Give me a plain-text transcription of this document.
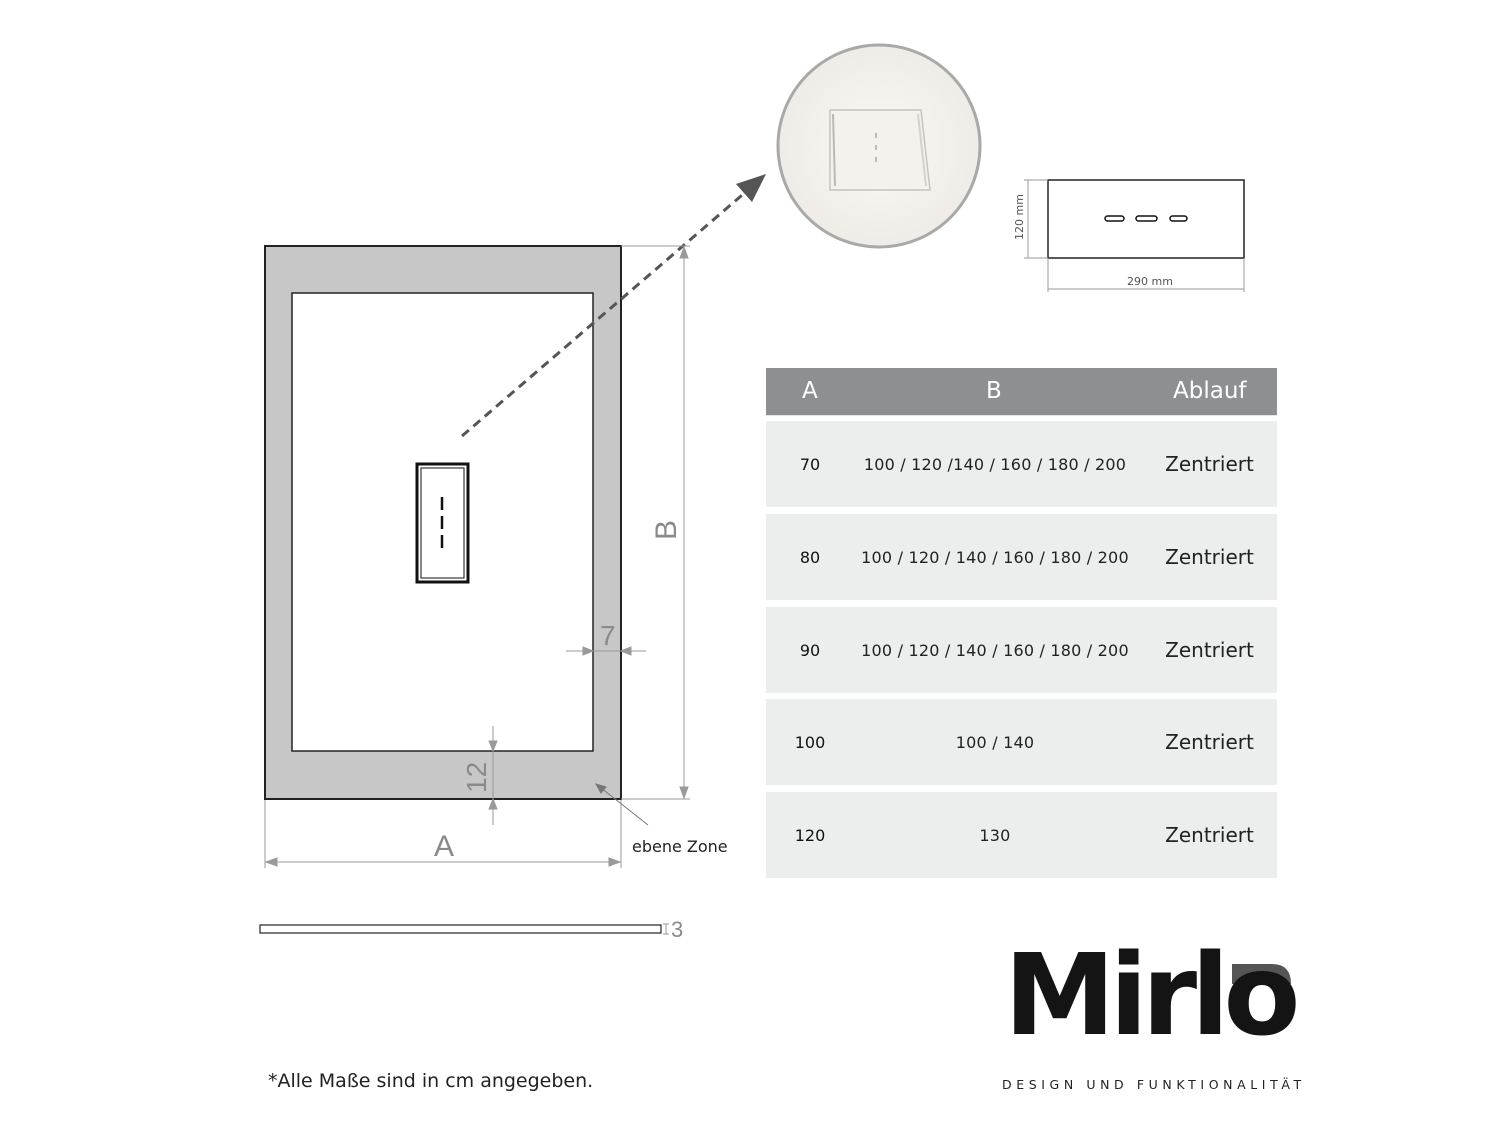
120 mm
290 mm
B
A
7
12
3
ebene Zone
A	B	Ablauf
70	100 / 120 /140 / 160 / 180 / 200	Zentriert
80	100 / 120 / 140 / 160 / 180 / 200	Zentriert
90	100 / 120 / 140 / 160 / 180 / 200	Zentriert
100	100 / 140	Zentriert
120	130	Zentriert
Mirlo
DESIGN UND FUNKTIONALITÄT
*Alle Maße sind in cm angegeben.
